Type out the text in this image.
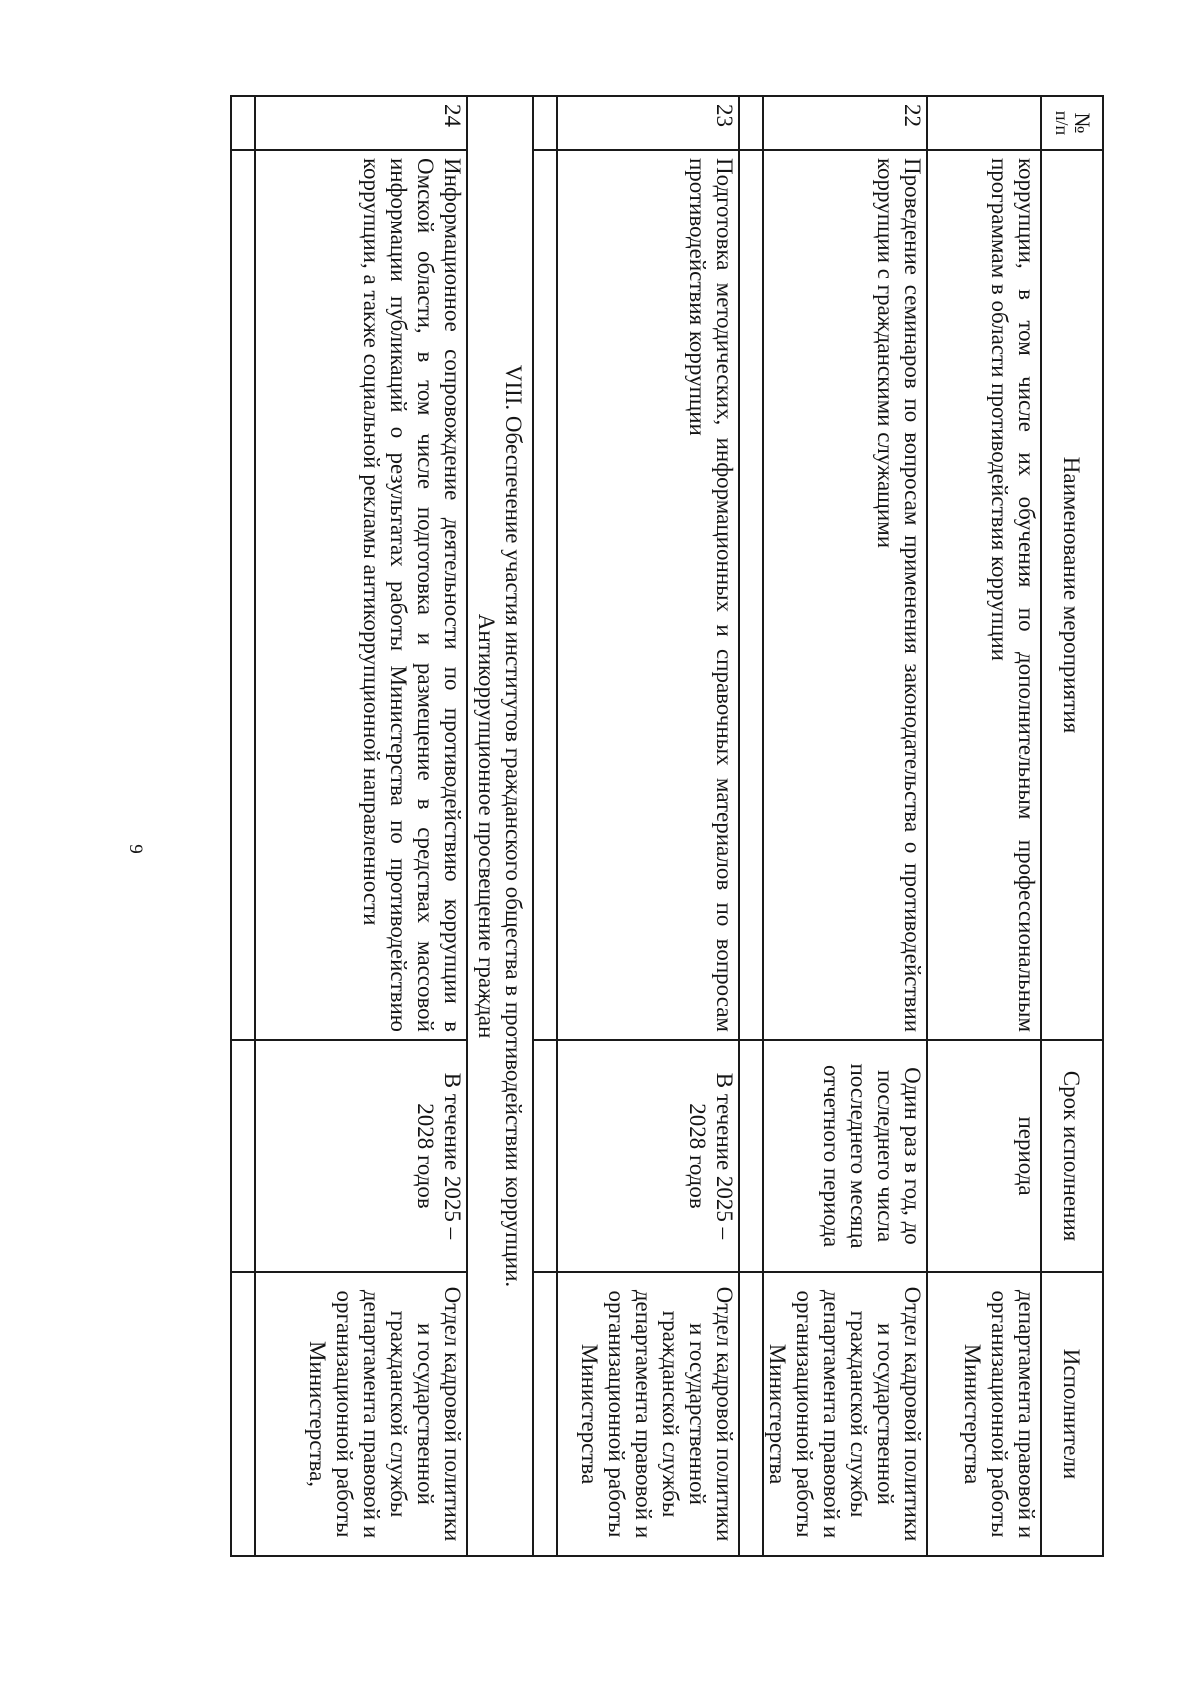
9
№
п/п	Наименование мероприятия	Срок исполнения	Исполнители
	коррупции, в том числе их обучения по дополнительным профессиональным программам в области противодействия коррупции	периода	департамента правовой и организационной работы Министерства
22	Проведение семинаров по вопросам применения законодательства о противодействии коррупции с гражданскими служащими	Один раз в год, до последнего числа последнего месяца отчетного периода	Отдел кадровой политики и государственной гражданской службы департамента правовой и организационной работы Министерства

23	Подготовка методических, информационных и справочных материалов по вопросам противодействия коррупции	В течение 2025 – 2028 годов	Отдел кадровой политики и государственной гражданской службы департамента правовой и организационной работы Министерства

VIII. Обеспечение участия институтов гражданского общества в противодействии коррупции.
Антикоррупционное просвещение граждан			

24	Информационное сопровождение деятельности по противодействию коррупции в Омской области, в том числе подготовка и размещение в средствах массовой информации публикаций о результатах работы Министерства по противодействию коррупции, а также социальной рекламы антикоррупционной направленности	В течение 2025 – 2028 годов	Отдел кадровой политики и государственной гражданской службы департамента правовой и организационной работы Министерства,
